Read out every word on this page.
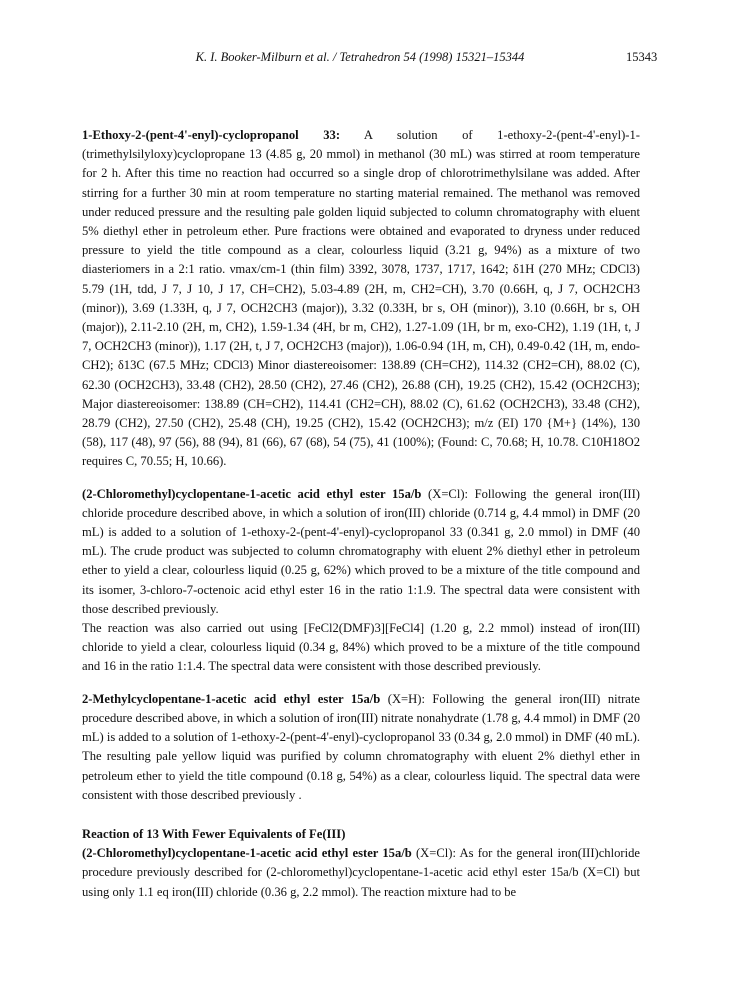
K. I. Booker-Milburn et al. / Tetrahedron 54 (1998) 15321–15344	15343

1-Ethoxy-2-(pent-4'-enyl)-cyclopropanol 33: A solution of 1-ethoxy-2-(pent-4'-enyl)-1-(trimethylsilyloxy)cyclopropane 13 (4.85 g, 20 mmol) in methanol (30 mL) was stirred at room temperature for 2 h. After this time no reaction had occurred so a single drop of chlorotrimethylsilane was added. After stirring for a further 30 min at room temperature no starting material remained. The methanol was removed under reduced pressure and the resulting pale golden liquid subjected to column chromatography with eluent 5% diethyl ether in petroleum ether. Pure fractions were obtained and evaporated to dryness under reduced pressure to yield the title compound as a clear, colourless liquid (3.21 g, 94%) as a mixture of two diasteriomers in a 2:1 ratio. νmax/cm-1 (thin film) 3392, 3078, 1737, 1717, 1642; δ1H (270 MHz; CDCl3) 5.79 (1H, tdd, J 7, J 10, J 17, CH=CH2), 5.03-4.89 (2H, m, CH2=CH), 3.70 (0.66H, q, J 7, OCH2CH3 (minor)), 3.69 (1.33H, q, J 7, OCH2CH3 (major)), 3.32 (0.33H, br s, OH (minor)), 3.10 (0.66H, br s, OH (major)), 2.11-2.10 (2H, m, CH2), 1.59-1.34 (4H, br m, CH2), 1.27-1.09 (1H, br m, exo-CH2), 1.19 (1H, t, J 7, OCH2CH3 (minor)), 1.17 (2H, t, J 7, OCH2CH3 (major)), 1.06-0.94 (1H, m, CH), 0.49-0.42 (1H, m, endo-CH2); δ13C (67.5 MHz; CDCl3) Minor diastereoisomer: 138.89 (CH=CH2), 114.32 (CH2=CH), 88.02 (C), 62.30 (OCH2CH3), 33.48 (CH2), 28.50 (CH2), 27.46 (CH2), 26.88 (CH), 19.25 (CH2), 15.42 (OCH2CH3); Major diastereoisomer: 138.89 (CH=CH2), 114.41 (CH2=CH), 88.02 (C), 61.62 (OCH2CH3), 33.48 (CH2), 28.79 (CH2), 27.50 (CH2), 25.48 (CH), 19.25 (CH2), 15.42 (OCH2CH3); m/z (EI) 170 {M+} (14%), 130 (58), 117 (48), 97 (56), 88 (94), 81 (66), 67 (68), 54 (75), 41 (100%); (Found: C, 70.68; H, 10.78. C10H18O2 requires C, 70.55; H, 10.66).

(2-Chloromethyl)cyclopentane-1-acetic acid ethyl ester 15a/b (X=Cl): Following the general iron(III) chloride procedure described above, in which a solution of iron(III) chloride (0.714 g, 4.4 mmol) in DMF (20 mL) is added to a solution of 1-ethoxy-2-(pent-4'-enyl)-cyclopropanol 33 (0.341 g, 2.0 mmol) in DMF (40 mL). The crude product was subjected to column chromatography with eluent 2% diethyl ether in petroleum ether to yield a clear, colourless liquid (0.25 g, 62%) which proved to be a mixture of the title compound and its isomer, 3-chloro-7-octenoic acid ethyl ester 16 in the ratio 1:1.9. The spectral data were consistent with those described previously.

The reaction was also carried out using [FeCl2(DMF)3][FeCl4] (1.20 g, 2.2 mmol) instead of iron(III) chloride to yield a clear, colourless liquid (0.34 g, 84%) which proved to be a mixture of the title compound and 16 in the ratio 1:1.4. The spectral data were consistent with those described previously.

2-Methylcyclopentane-1-acetic acid ethyl ester 15a/b (X=H): Following the general iron(III) nitrate procedure described above, in which a solution of iron(III) nitrate nonahydrate (1.78 g, 4.4 mmol) in DMF (20 mL) is added to a solution of 1-ethoxy-2-(pent-4'-enyl)-cyclopropanol 33 (0.34 g, 2.0 mmol) in DMF (40 mL). The resulting pale yellow liquid was purified by column chromatography with eluent 2% diethyl ether in petroleum ether to yield the title compound (0.18 g, 54%) as a clear, colourless liquid. The spectral data were consistent with those described previously .

Reaction of 13 With Fewer Equivalents of Fe(III)

(2-Chloromethyl)cyclopentane-1-acetic acid ethyl ester 15a/b (X=Cl): As for the general iron(III)chloride procedure previously described for (2-chloromethyl)cyclopentane-1-acetic acid ethyl ester 15a/b (X=Cl) but using only 1.1 eq iron(III) chloride (0.36 g, 2.2 mmol). The reaction mixture had to be
